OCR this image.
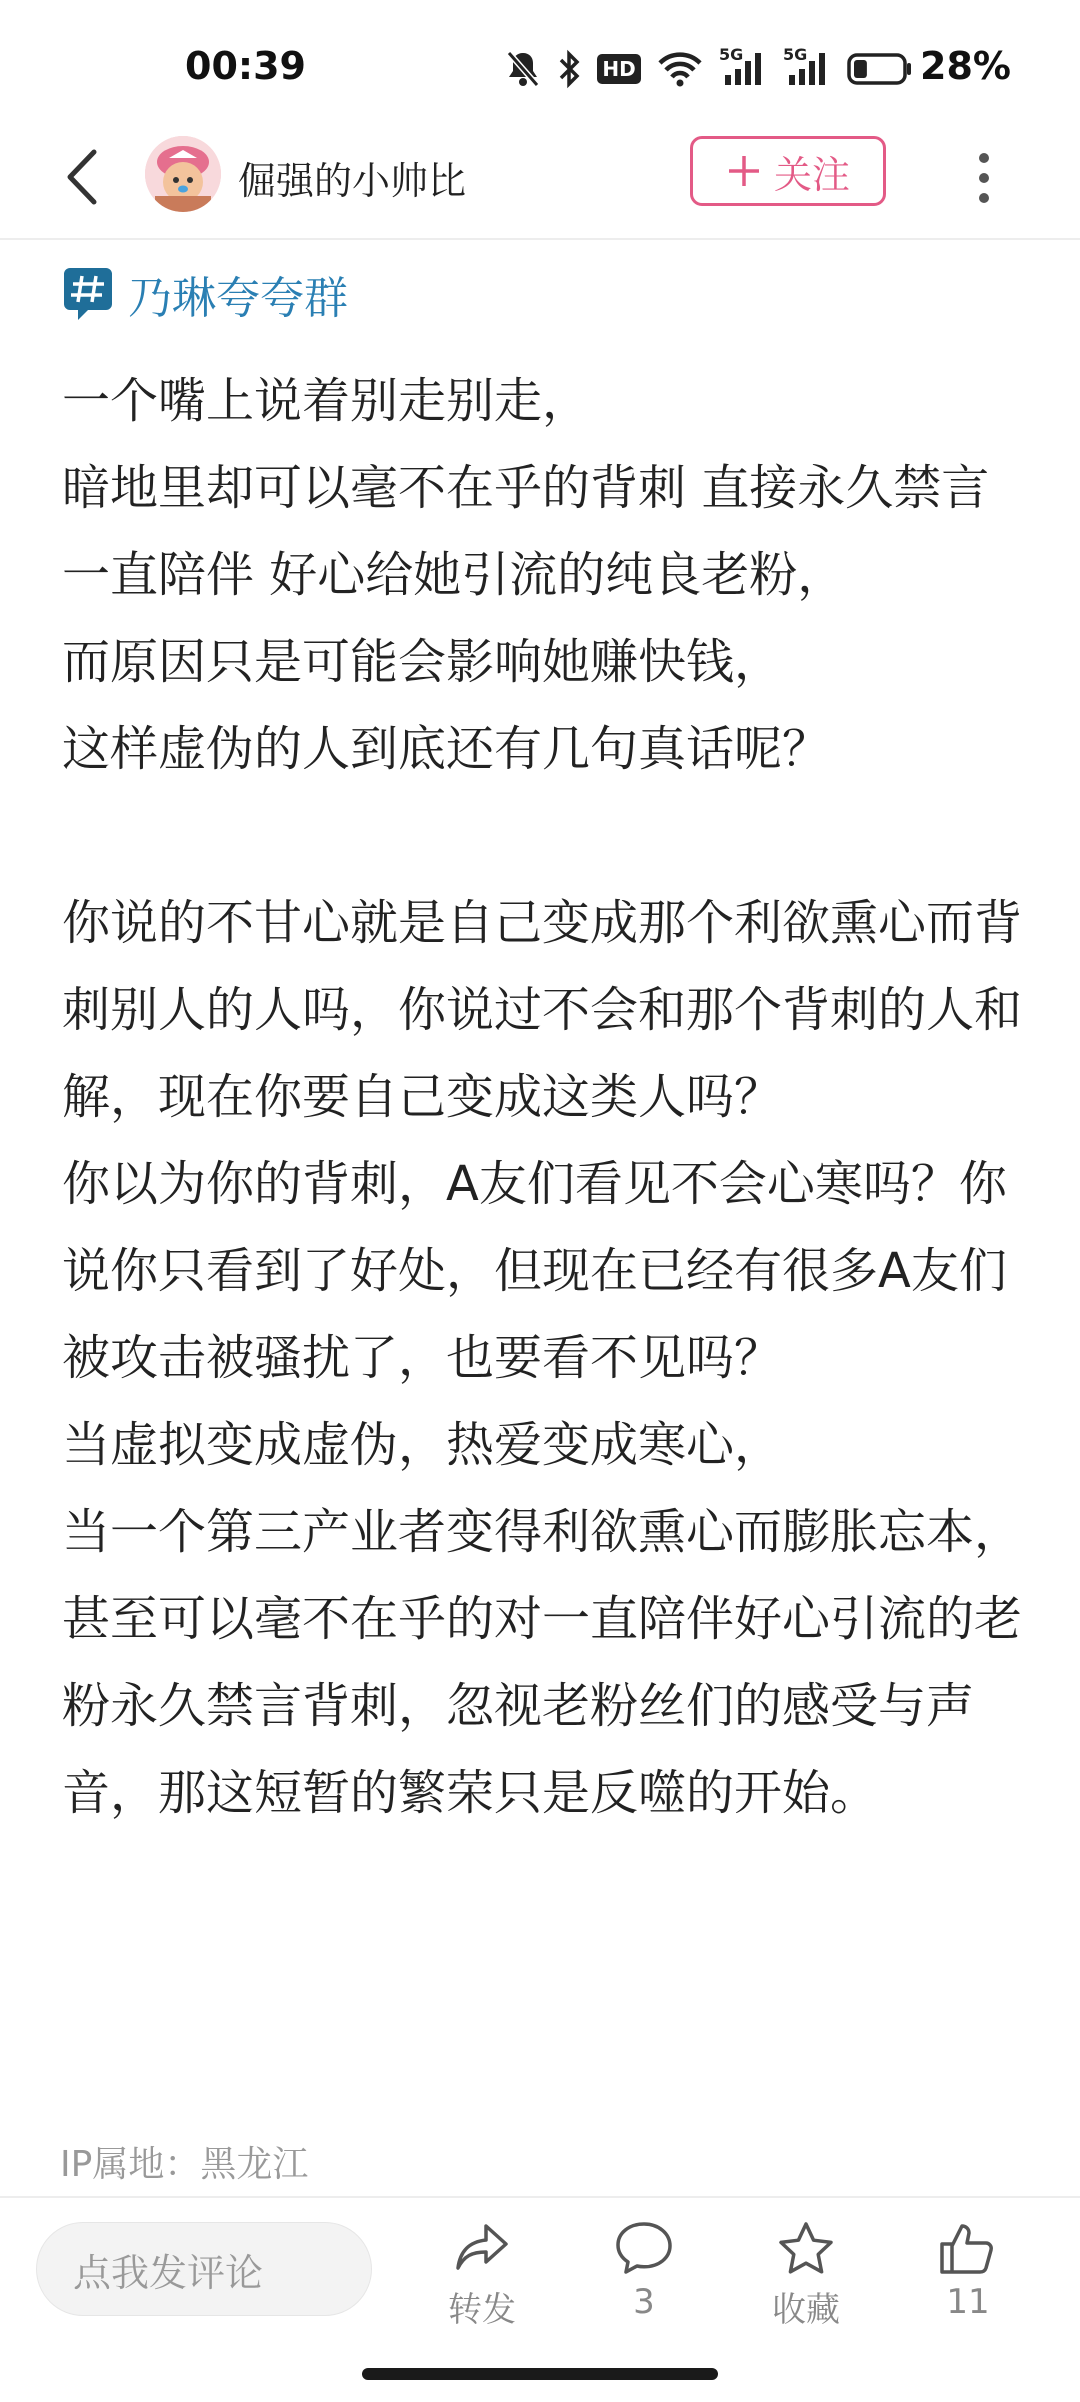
00:39	HD
5G 5G	28%
倔强的小帅比	关注
乃琳夸夸群

一个嘴上说着别走别走，
暗地里却可以毫不在乎的背刺 直接永久禁言
一直陪伴 好心给她引流的纯良老粉，
而原因只是可能会影响她赚快钱，
这样虚伪的人到底还有几句真话呢？

你说的不甘心就是自己变成那个利欲熏心而背刺别人的人吗，你说过不会和那个背刺的人和解，现在你要自己变成这类人吗？
你以为你的背刺，A友们看见不会心寒吗？你说你只看到了好处，但现在已经有很多A友们被攻击被骚扰了，也要看不见吗？
当虚拟变成虚伪，热爱变成寒心，
当一个第三产业者变得利欲熏心而膨胀忘本，甚至可以毫不在乎的对一直陪伴好心引流的老粉永久禁言背刺，忽视老粉丝们的感受与声音，那这短暂的繁荣只是反噬的开始。

IP属地：黑龙江
点我发评论
转发	3	收藏	11
